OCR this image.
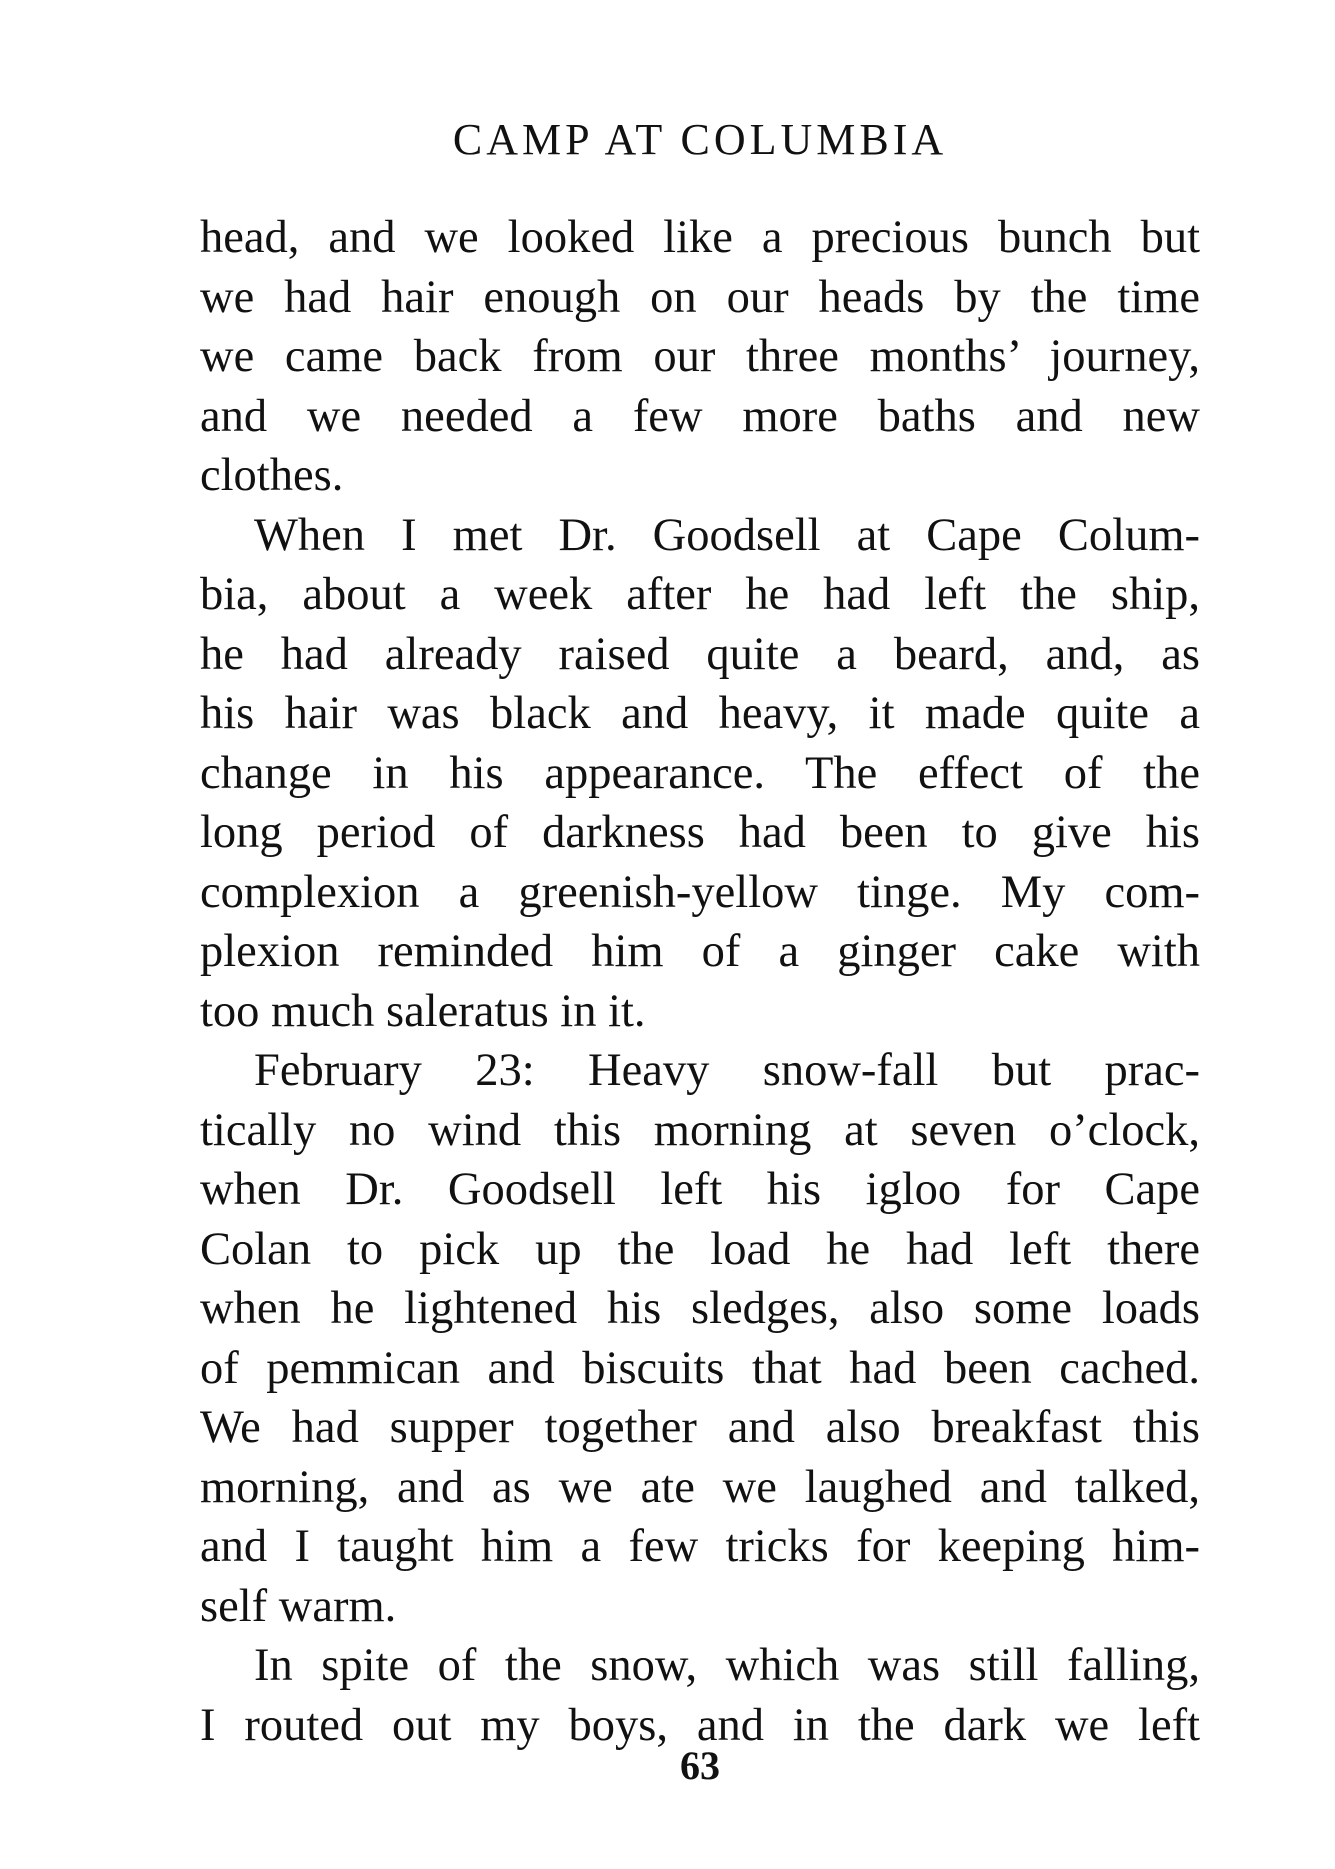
CAMP AT COLUMBIA
head, and we looked like a precious bunch but
we had hair enough on our heads by the time
we came back from our three months’ journey,
and we needed a few more baths and new
clothes.
When I met Dr. Goodsell at Cape Colum-
bia, about a week after he had left the ship,
he had already raised quite a beard, and, as
his hair was black and heavy, it made quite a
change in his appearance. The effect of the
long period of darkness had been to give his
complexion a greenish-yellow tinge. My com-
plexion reminded him of a ginger cake with
too much saleratus in it.
February 23: Heavy snow-fall but prac-
tically no wind this morning at seven o’clock,
when Dr. Goodsell left his igloo for Cape
Colan to pick up the load he had left there
when he lightened his sledges, also some loads
of pemmican and biscuits that had been cached.
We had supper together and also breakfast this
morning, and as we ate we laughed and talked,
and I taught him a few tricks for keeping him-
self warm.
In spite of the snow, which was still falling,
I routed out my boys, and in the dark we left
63
